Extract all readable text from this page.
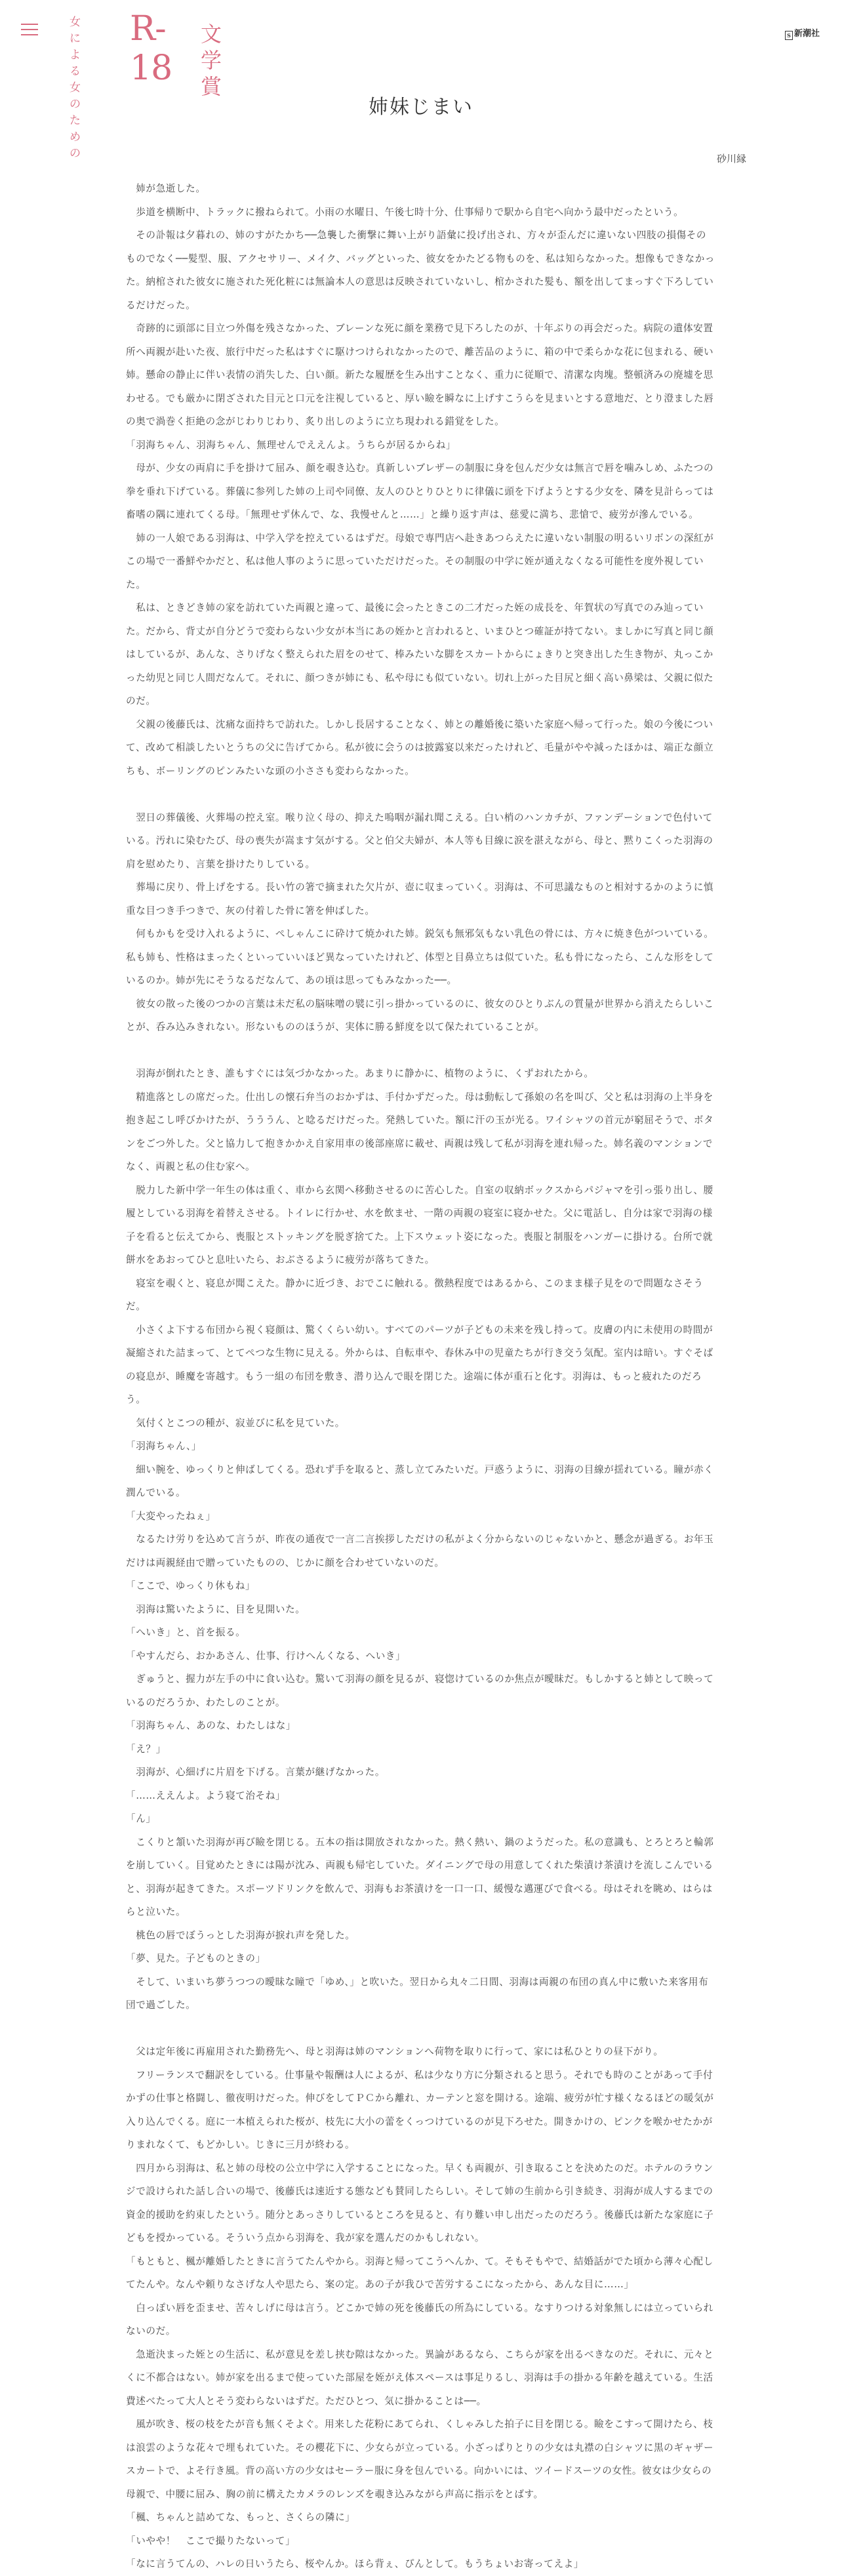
女による
女のための
R-18
文学賞
S 新潮社
姉妹じまい
砂川縁

　姉が急逝した。

　歩道を横断中、トラックに撥ねられて。小雨の水曜日、午後七時十分、仕事帰りで駅から自宅へ向かう最中だったという。

　その訃報は夕暮れの、姉のすがたかち──急襲した衝撃に舞い上がり語彙に投げ出され、方々が歪んだに違いない四肢の損傷そのものでなく──髪型、服、アクセサリー、メイク、バッグといった、彼女をかたどる物ものを、私は知らなかった。想像もできなかった。納棺された彼女に施された死化粧には無論本人の意思は反映されていないし、棺かされた髪も、額を出してまっすぐ下ろしているだけだった。

　奇跡的に頭部に目立つ外傷を残さなかった、ブレーンな死に顔を業務で見下ろしたのが、十年ぶりの再会だった。病院の遺体安置所へ両親が赴いた夜、旅行中だった私はすぐに駆けつけられなかったので、離苦品のように、箱の中で柔らかな花に包まれる、硬い姉。懸命の静止に伴い表情の消失した、白い顔。新たな履歴を生み出すことなく、重力に従順で、清潔な肉塊。整頓済みの廃墟を思わせる。でも厳かに閉ざされた目元と口元を注視していると、厚い瞼を瞬なに上げすこうらを見まいとする意地だ、とり澄ました唇の奥で渦巻く拒絶の念がじわりじわり、炙り出しのように立ち現われる錯覚をした。

「羽海ちゃん、羽海ちゃん、無理せんでええんよ。うちらが居るからね」

　母が、少女の両肩に手を掛けて屈み、顔を覗き込む。真新しいブレザーの制服に身を包んだ少女は無言で唇を噛みしめ、ふたつの拳を垂れ下げている。葬儀に参列した姉の上司や同僚、友人のひとりひとりに律儀に頭を下げようとする少女を、隣を見計らっては畜嗜の隅に連れてくる母。「無理せず休んで、な、我慢せんと……」と繰り返す声は、慈愛に満ち、悲愴で、疲労が滲んでいる。

　姉の一人娘である羽海は、中学入学を控えているはずだ。母娘で専門店へ赴きあつらえたに違いない制服の明るいリボンの深紅がこの場で一番鮮やかだと、私は他人事のように思っていただけだった。その制服の中学に姪が通えなくなる可能性を度外視していた。

　私は、ときどき姉の家を訪れていた両親と違って、最後に会ったときこの二才だった姪の成長を、年賀状の写真でのみ辿っていた。だから、背丈が自分どうで変わらない少女が本当にあの姪かと言われると、いまひとつ確証が持てない。ましかに写真と同じ顔はしているが、あんな、さりげなく整えられた眉をのせて、棒みたいな脚をスカートからにょきりと突き出した生き物が、丸っこかった幼児と同じ人間だなんて。それに、顔つきが姉にも、私や母にも似ていない。切れ上がった目尻と細く高い鼻梁は、父親に似たのだ。

　父親の後藤氏は、沈痛な面持ちで訪れた。しかし長居することなく、姉との離婚後に築いた家庭へ帰って行った。娘の今後について、改めて相談したいとうちの父に告げてから。私が彼に会うのは披露宴以来だったけれど、毛量がやや減ったほかは、端正な顔立ちも、ボーリングのピンみたいな頭の小ささも変わらなかった。

　翌日の葬儀後、火葬場の控え室。喉り泣く母の、抑えた嗚咽が漏れ聞こえる。白い梢のハンカチが、ファンデーションで色付いている。汚れに染むたび、母の喪失が嵩ます気がする。父と伯父夫婦が、本人等も目線に涙を湛えながら、母と、黙りこくった羽海の肩を慰めたり、言葉を掛けたりしている。

　葬場に戻り、骨上げをする。長い竹の箸で摘まれた欠片が、壺に収まっていく。羽海は、不可思議なものと相対するかのように慎重な目つき手つきで、灰の付着した骨に箸を伸ばした。

　何もかもを受け入れるように、ぺしゃんこに砕けて焼かれた姉。鋭気も無邪気もない乳色の骨には、方々に焼き色がついている。私も姉も、性格はまったくといっていいほど異なっていたけれど、体型と目鼻立ちは似ていた。私も骨になったら、こんな形をしているのか。姉が先にそうなるだなんて、あの頃は思ってもみなかった──。

　彼女の散った後のつかの言葉は未だ私の脳味噌の襞に引っ掛かっているのに、彼女のひとりぶんの質量が世界から消えたらしいことが、呑み込みきれない。形ないもののほうが、実体に勝る鮮度を以て保たれていることが。

　羽海が倒れたとき、誰もすぐには気づかなかった。あまりに静かに、植物のように、くずおれたから。

　精進落としの席だった。仕出しの懐石弁当のおかずは、手付かずだった。母は動転して孫娘の名を叫び、父と私は羽海の上半身を抱き起こし呼びかけたが、うううん、と唸るだけだった。発熱していた。額に汗の玉が光る。ワイシャツの首元が窮屈そうで、ボタンをごつ外した。父と協力して抱きかかえ自家用車の後部座席に載せ、両親は残して私が羽海を連れ帰った。姉名義のマンションでなく、両親と私の住む家へ。

　脱力した新中学一年生の体は重く、車から玄関へ移動させるのに苦心した。自室の収納ボックスからパジャマを引っ張り出し、腰履としている羽海を着替えさせる。トイレに行かせ、水を飲ませ、一階の両親の寝室に寝かせた。父に電話し、自分は家で羽海の様子を看ると伝えてから、喪服とストッキングを脱ぎ捨てた。上下スウェット姿になった。喪服と制服をハンガーに掛ける。台所で就餅水をあおってひと息吐いたら、おぶさるように疲労が落ちてきた。

　寝室を覗くと、寝息が聞こえた。静かに近づき、おでこに触れる。徴熱程度ではあるから、このまま様子見をので問題なさそうだ。

　小さくよ下する布団から視く寝顔は、驚くくらい幼い。すべてのパーツが子どもの未来を残し持って。皮膚の内に未使用の時間が凝縮された詰まって、とてぺつな生物に見える。外からは、自転車や、春休み中の児童たちが行き交う気配。室内は暗い。すぐそばの寝息が、睡魔を寄越す。もう一組の布団を敷き、潜り込んで眼を閉じた。途端に体が重石と化す。羽海は、もっと疲れたのだろう。

　気付くとこつの種が、寂並びに私を見ていた。

「羽海ちゃん、」

　細い腕を、ゆっくりと伸ばしてくる。恐れず手を取ると、蒸し立てみたいだ。戸惑うように、羽海の目線が揺れている。瞳が赤く潤んでいる。

「大変やったねぇ」

　なるたけ労りを込めて言うが、昨夜の通夜で一言二言挨拶しただけの私がよく分からないのじゃないかと、懸念が過ぎる。お年玉だけは両親経由で贈っていたものの、じかに顔を合わせていないのだ。

「ここで、ゆっくり休もね」

　羽海は驚いたように、目を見開いた。

「へいき」と、首を振る。

「やすんだら、おかあさん、仕事、行けへんくなる、へいき」

　ぎゅうと、握力が左手の中に食い込む。驚いて羽海の顔を見るが、寝惚けているのか焦点が曖昧だ。もしかすると姉として映っているのだろうか、わたしのことが。

「羽海ちゃん、あのな、わたしはな」

「え？」

　羽海が、心細げに片眉を下げる。言葉が継げなかった。

「……ええんよ。よう寝て治そね」

「ん」

　こくりと頷いた羽海が再び瞼を閉じる。五本の指は開放されなかった。熱く熱い、鍋のようだった。私の意識も、とろとろと輪郭を崩していく。目覚めたときには陽が沈み、両親も帰宅していた。ダイニングで母の用意してくれた柴漬け茶漬けを流しこんでいると、羽海が起きてきた。スポーツドリンクを飲んで、羽海もお茶漬けを一口一口、緩慢な邁運びで食べる。母はそれを眺め、はらはらと泣いた。

　桃色の唇でぼうっとした羽海が捩れ声を発した。

「夢、見た。子どものときの」

　そして、いまいち夢うつつの曖昧な瞳で「ゆめ、」と吹いた。翌日から丸々二日間、羽海は両親の布団の真ん中に敷いた来客用布団で過ごした。

　父は定年後に再雇用された勤務先へ、母と羽海は姉のマンションへ荷物を取りに行って、家には私ひとりの昼下がり。

　フリーランスで翻訳をしている。仕事量や報酬は人によるが、私は少なり方に分類されると思う。それでも時のことがあって手付かずの仕事と格闘し、徹夜明けだった。伸びをしてＰＣから離れ、カーテンと窓を開ける。途端、疲労が忙す様くなるほどの暖気が入り込んでくる。庭に一本植えられた桜が、枝先に大小の蕾をくっつけているのが見下ろせた。開きかけの、ピンクを喉かせたかがりまれなくて、もどかしい。じきに三月が終わる。

　四月から羽海は、私と姉の母校の公立中学に入学することになった。早くも両親が、引き取ることを決めたのだ。ホテルのラウンジで設けられた話し合いの場で、後藤氏は速近する態なども賛同したらしい。そして姉の生前から引き続き、羽海が成人するまでの資金的援助を約束したという。随分とあっさりしているところを見ると、有り難い申し出だったのだろう。後藤氏は新たな家庭に子どもを授かっている。そういう点から羽海を、我が家を選んだのかもしれない。

「もともと、楓が離婚したときに言うてたんやから。羽海と帰ってこうへんか、て。そもそもやで、結婚話がでた頃から薄々心配してたんや。なんや頼りなさげな人や思たら、案の定。あの子が我ひで苦労するこになったから、あんな目に……」

　白っぽい唇を歪ませ、苦々しげに母は言う。どこかで姉の死を後藤氏の所為にしている。なすりつける対象無しには立っていられないのだ。

　急逝決まった姪との生活に、私が意見を差し挟む隙はなかった。異論があるなら、こちらが家を出るべきなのだ。それに、元々とくに不都合はない。姉が家を出るまで使っていた部屋を姪がえ体スペースは事足りるし、羽海は手の掛かる年齢を越えている。生活費述べたって大人とそう変わらないはずだ。ただひとつ、気に掛かることは──。

　風が吹き、桜の枝をたが音も無くそよぐ。用来した花粉にあてられ、くしゃみした拍子に目を閉じる。瞼をこすって開けたら、枝は浪雲のような花々で埋もれていた。その櫻花下に、少女らが立っている。小ざっぱりとりの少女は丸襟の白シャツに黒のギャザースカートで、よそ行き風。背の高い方の少女はセーラー服に身を包んでいる。向かいには、ツイードスーツの女性。彼女は少女らの母親で、中腰に屈み、胸の前に構えたカメラのレンズを覗き込みながら声高に指示をとばす。

「楓、ちゃんと詰めてな、もっと、さくらの隣に」

「いやや！　ここで撮りたないって」

「なに言うてんの、ハレの日いうたら、桜やんか。ほら背ぇ、ぴんとして。もうちょいお寄ってえよ」
